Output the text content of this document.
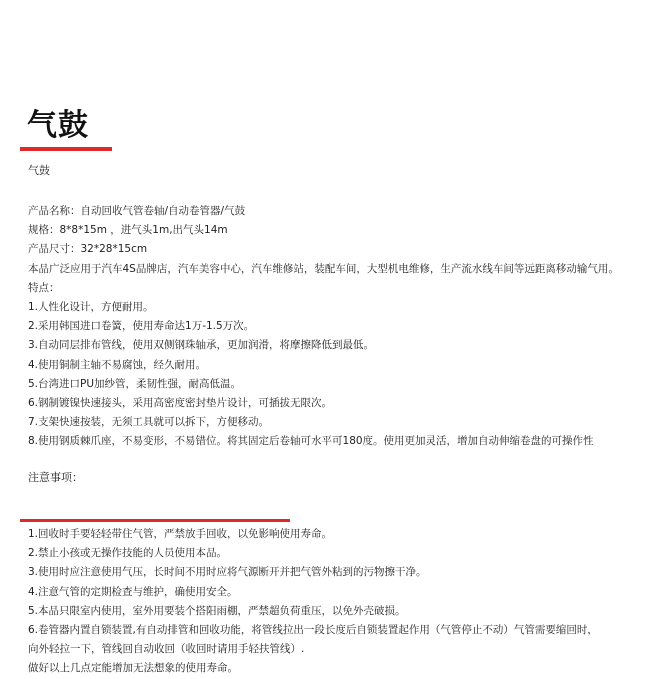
气鼓
气鼓
产品名称：自动回收气管卷轴/自动卷管器/气鼓
规格：8*8*15m ，进气头1m,出气头14m
产品尺寸：32*28*15cm
本品广泛应用于汽车4S品牌店，汽车美容中心，汽车维修站，装配车间，大型机电维修，生产流水线车间等远距离移动输气用。
特点：
1.人性化设计，方便耐用。
2.采用韩国进口卷簧，使用寿命达1万-1.5万次。
3.自动同层排布管线，使用双侧钢珠轴承，更加润滑，将摩擦降低到最低。
4.使用铜制主轴不易腐蚀，经久耐用。
5.台湾进口PU加纱管，柔韧性强，耐高低温。
6.钢制镀镍快速接头，采用高密度密封垫片设计，可插拔无限次。
7.支架快速按装，无须工具就可以拆下，方便移动。
8.使用钢质棘爪座，不易变形，不易错位。将其固定后卷轴可水平可180度。使用更加灵活，增加自动伸缩卷盘的可操作性
注意事项：
1.回收时手要轻轻带住气管，严禁放手回收，以免影响使用寿命。
2.禁止小孩或无操作技能的人员使用本品。
3.使用时应注意使用气压，长时间不用时应将气源断开并把气管外粘到的污物擦干净。
4.注意气管的定期检查与维护，确使用安全。
5.本品只限室内使用，室外用要装个搭阳雨棚，严禁超负荷重压，以免外壳破损。
6.卷管器内置自锁装置,有自动排管和回收功能，将管线拉出一段长度后自锁装置起作用（气管停止不动）气管需要缩回时，
向外轻拉一下，管线回自动收回（收回时请用手轻扶管线）.
做好以上几点定能增加无法想象的使用寿命。
